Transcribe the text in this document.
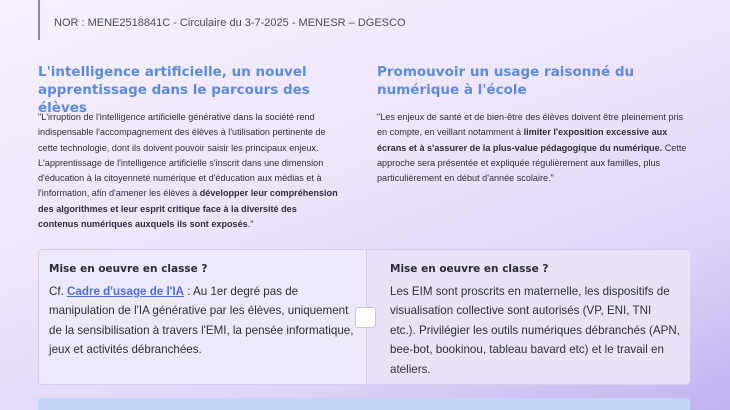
NOR : MENE2518841C - Circulaire du 3-7-2025 - MENESR – DGESCO
L'intelligence artificielle, un nouvel apprentissage dans le parcours des élèves

"L'irruption de l'intelligence artificielle générative dans la société rend indispensable l'accompagnement des élèves à l'utilisation pertinente de cette technologie, dont ils doivent pouvoir saisir les principaux enjeux. L'apprentissage de l'intelligence artificielle s'inscrit dans une dimension d'éducation à la citoyenneté numérique et d'éducation aux médias et à l'information, afin d'amener les élèves à développer leur compréhension des algorithmes et leur esprit critique face à la diversité des contenus numériques auxquels ils sont exposés."

Promouvoir un usage raisonné du numérique à l'école

"Les enjeux de santé et de bien-être des élèves doivent être pleinement pris en compte, en veillant notamment à limiter l'exposition excessive aux écrans et à s'assurer de la plus-value pédagogique du numérique. Cette approche sera présentée et expliquée régulièrement aux familles, plus particulièrement en début d'année scolaire."

Mise en oeuvre en classe ?

Cf. Cadre d'usage de l'IA : Au 1er degré pas de manipulation de l'IA générative par les élèves, uniquement de la sensibilisation à travers l'EMI, la pensée informatique, jeux et activités débranchées.

Mise en oeuvre en classe ?

Les EIM sont proscrits en maternelle, les dispositifs de visualisation collective sont autorisés (VP, ENI, TNI etc.). Privilégier les outils numériques débranchés (APN, bee-bot, bookinou, tableau bavard etc) et le travail en ateliers.
